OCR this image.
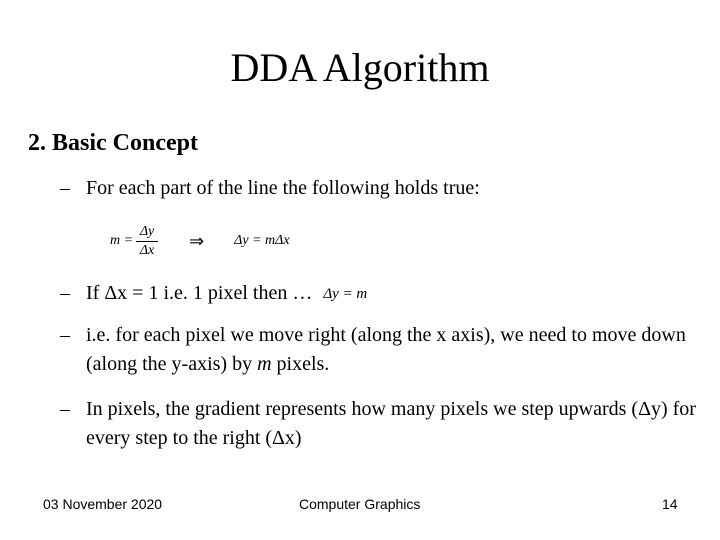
DDA Algorithm
2. Basic Concept
– For each part of the line the following holds true:
$m = \frac{\Delta y}{\Delta x}$ ⇒ Δy = mΔx
– If Δx = 1 i.e. 1 pixel then … Δy = m
– i.e. for each pixel we move right (along the x axis), we need to move down (along the y-axis) by m pixels.
– In pixels, the gradient represents how many pixels we step upwards (Δy) for every step to the right (Δx)
03 November 2020	Computer Graphics	14
